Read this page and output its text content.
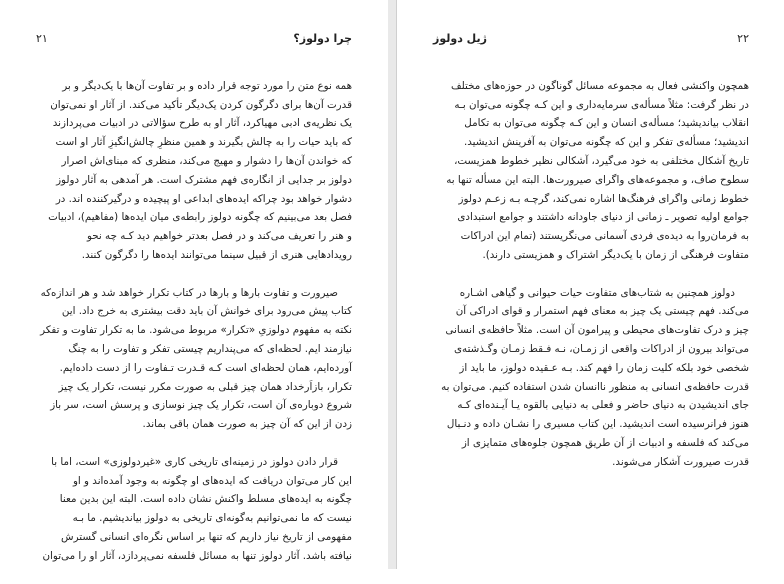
چرا دولوز؟
۲۱

همه نوع متن را مورد توجه قرار داده و بر تفاوت آن‌ها با یک‌دیگر و بر
قدرت آن‌ها برای دگرگون کردن یک‌دیگر تأکید می‌کند. از آثار او نمی‌توان
یک نظریه‌ی ادبی مهیاکرد، آثار او به طرح سؤالاتی در ادبیات می‌پردازند
که باید حیات را به چالش بگیرند و همین منظرِ چالش‌انگیزِ آثار او است
که خواندن آن‌ها را دشوار و مهیج می‌کند، منظری که مبنای‌اش اصرار
دولوز بر جدایی از انگاره‌ی فهم مشترک است. هر آمدهی به آثار دولوز
دشوار خواهد بود چراکه ایده‌های ابداعی او پیچیده و درگیرکننده اند. در
فصل بعد می‌بینیم که چگونه دولوز رابطه‌ی میان ایده‌ها (مفاهیم)، ادبیات
و هنر را تعریف می‌کند و در فصل بعدتر خواهیم دید کـه چه نحو
رویدادهایی هنری از قبیل سینما می‌توانند ایده‌ها را دگرگون کنند.

صیرورت و تفاوت بارها و بارها در کتاب تکرار خواهد شد و هر اندازه‌که
کتاب پیش می‌رود برای خوانش آن باید دقت بیشتری به خرج داد. این
نکته به مفهوم دولوزیِ «تکرار» مربوط می‌شود. ما به تکرار تفاوت و تفکر
نیازمند ایم. لحظه‌ای که می‌پنداریم چیستی تفکر و تفاوت را به چنگ
آورده‌ایم، همان لحظه‌ای است کـه قـدرت تـفاوت را از دست داده‌ایم.
تکرار، بازاَرخداد همان چیز قبلی به صورت مکرر نیست، تکرار یک چیز
شروع دوباره‌ی آن است، تکرار یک چیز نوسازی و پرسش است، سر باز
زدن از این که آن چیز به صورت همان باقی بماند.

قرار دادن دولوز در زمینه‌ای تاریخی کاری «غیردولوزی» است، اما با
این کار می‌توان دریافت که ایده‌های او چگونه به وجود آمده‌اند و او
چگونه به ایده‌های مسلط واکنش نشان داده است. البته این بدین معنا
نیست که ما نمی‌توانیم به‌گونه‌ای تاریخی به دولوز بیاندیشیم. ما بـه
مفهومی از تاریخ نیاز داریم که تنها بر اساس نگره‌ای انسانی گسترش
نیافته باشد. آثار دولوز تنها به مسائل فلسفه نمی‌پردازد، آثار او را می‌توان

۲۲
ژیل دولوز

همچون واکنشی فعال به مجموعه مسائل گوناگون در حوزه‌های مختلف
در نظر گرفت: مثلاً مسأله‌ی سرمایه‌داری و این کـه چگونه می‌توان بـه
انقلاب بیاندیشید؛ مسأله‌ی انسان و این کـه چگونه می‌توان به تکامل
اندیشید؛ مسأله‌ی تفکر و این که چگونه می‌توان به آفرینش اندیشید.
تاریخ آشکال مختلفی به خود می‌گیرد، آشکالی نظیر خطوط همزیست،
سطوح صاف، و مجموعه‌های واگرای صیرورت‌ها. البته این مسأله تنها به
خطوط زمانی واگرای فرهنگ‌ها اشاره نمی‌کند، گرچـه بـه زعـم دولوز
جوامع اولیه تصویر ـ زمانی از دنیای جاودانه داشتند و جوامع استبدادی
به فرمان‌روا به دیده‌ی فردی آسمانی می‌نگریستند (تمام این ادراکات
متفاوت فرهنگی از زمان با یک‌دیگر اشتراک و همزیستی دارند).

دولوز همچنین به شتاب‌های متفاوت حیات حیوانی و گیاهی اشـاره
می‌کند. فهم چیستی یک چیز به معنای فهم استمرار و قوای ادراکی آن
چیز و درک تفاوت‌های محیطی و پیرامون آن است. مثلاً حافظه‌ی انسانی
می‌تواند بیرون از ادراکات واقعی از زمـان، نـه فـقط زمـان وگـذشته‌ی
شخصی خود بلکه کلیت زمان را فهم کند. بـه عـقیده دولوز، ما باید از
قدرت حافظه‌ی انسانی به منظور ناانسان شدن استفاده کنیم. می‌توان به
جای اندیشیدن به دنیای حاضر و فعلی به دنیایی بالقوه یـا آیـنده‌ای کـه
هنوز فرانرسیده است اندیشید. این کتاب مسیری را نشـان داده و دنـبال
می‌کند که فلسفه و ادبیات از آن طریق همچون جلوه‌های متمایزی از
قدرت صیرورت آشکار می‌شوند.
